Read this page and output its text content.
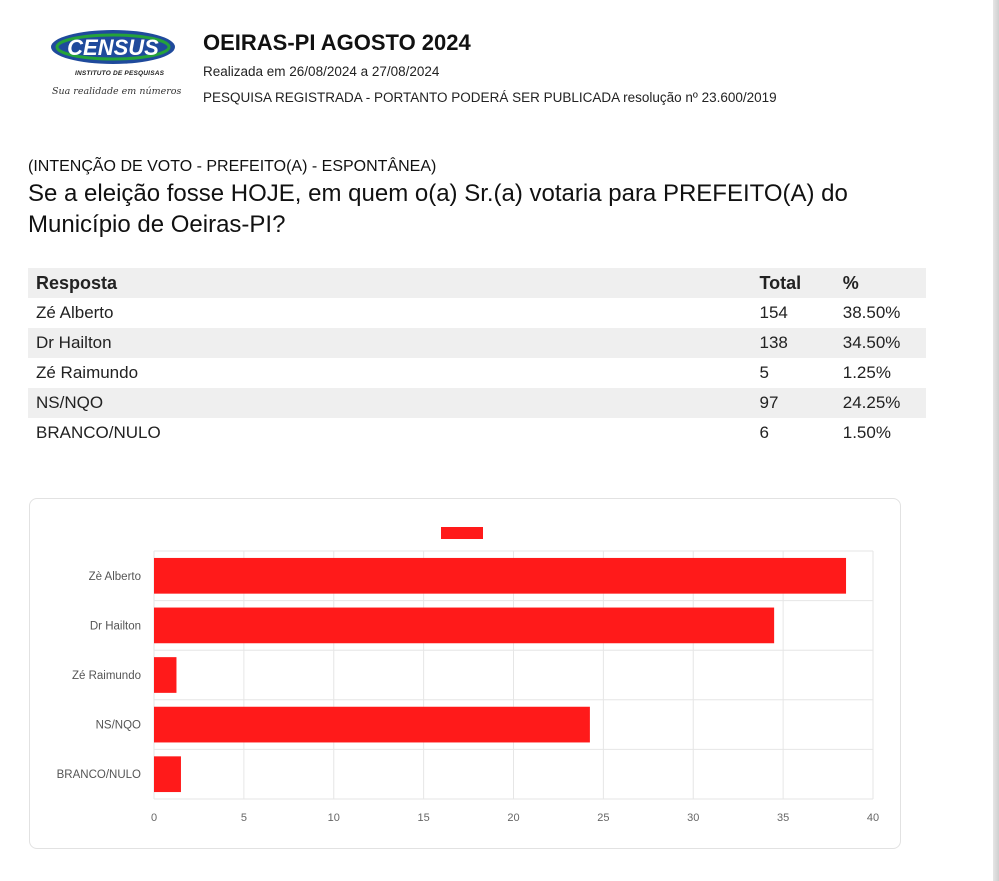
CENSUS
INSTITUTO DE PESQUISAS
Sua realidade em números
OEIRAS-PI AGOSTO 2024
Realizada em 26/08/2024 a 27/08/2024
PESQUISA REGISTRADA - PORTANTO PODERÁ SER PUBLICADA resolução nº 23.600/2019
(INTENÇÃO DE VOTO - PREFEITO(A) - ESPONTÂNEA)
Se a eleição fosse HOJE, em quem o(a) Sr.(a) votaria para PREFEITO(A) do Município de Oeiras-PI?
Resposta	Total	%
Zé Alberto	154	38.50%
Dr Hailton	138	34.50%
Zé Raimundo	5	1.25%
NS/NQO	97	24.25%
BRANCO/NULO	6	1.50%
0	5	10	15	20	25	30	35	40
Zè Alberto
Dr Hailton
Zé Raimundo
NS/NQO
BRANCO/NULO
